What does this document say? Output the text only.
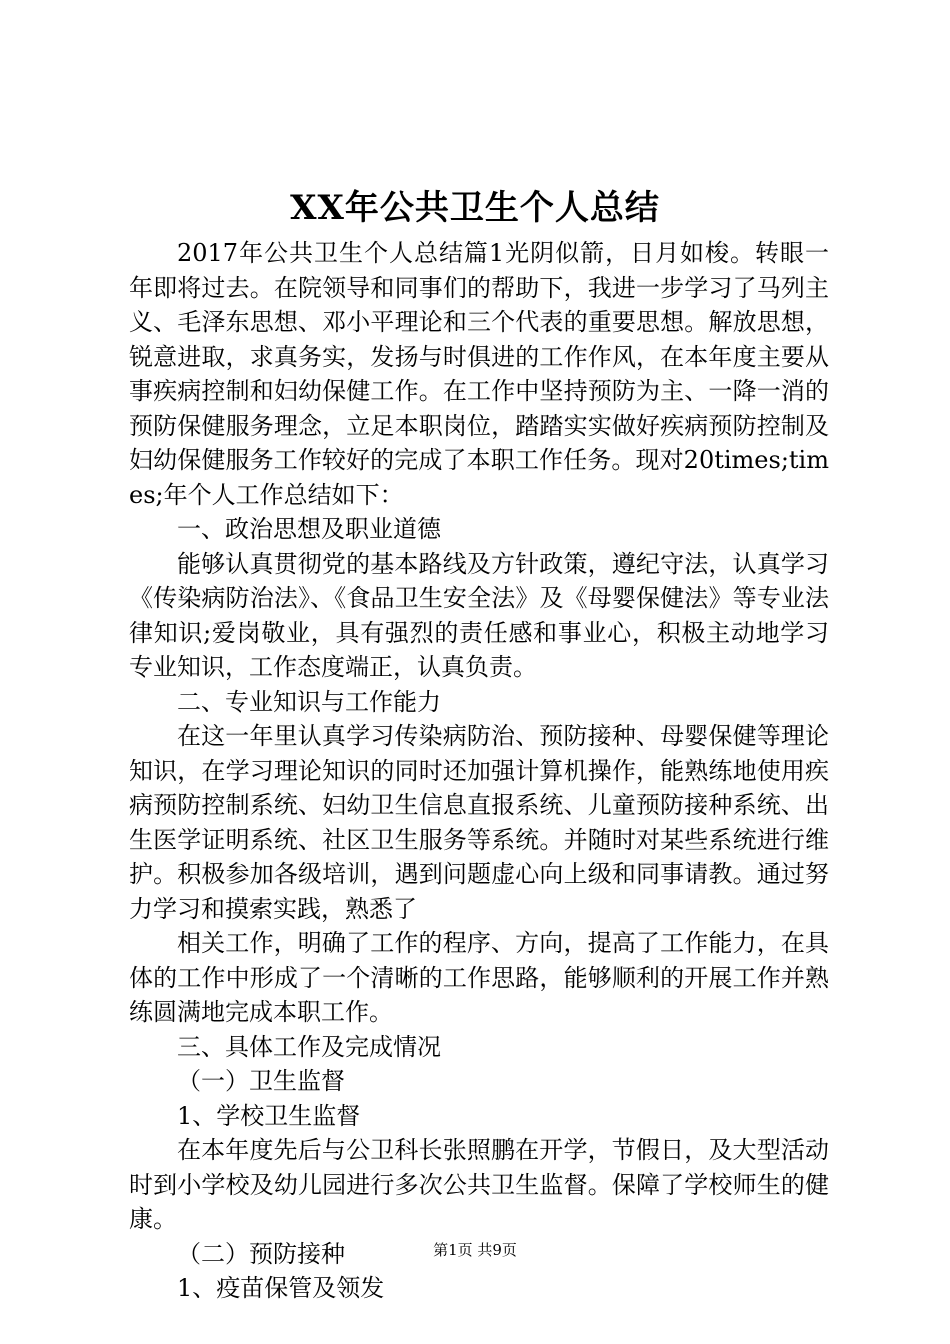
XX年公共卫生个人总结

2017年公共卫生个人总结篇1光阴似箭，日月如梭。转眼一年即将过去。在院领导和同事们的帮助下，我进一步学习了马列主义、毛泽东思想、邓小平理论和三个代表的重要思想。解放思想，锐意进取，求真务实，发扬与时俱进的工作作风，在本年度主要从事疾病控制和妇幼保健工作。在工作中坚持预防为主、一降一消的预防保健服务理念，立足本职岗位，踏踏实实做好疾病预防控制及妇幼保健服务工作较好的完成了本职工作任务。现对20times;times;年个人工作总结如下：

一、政治思想及职业道德

能够认真贯彻党的基本路线及方针政策，遵纪守法，认真学习《传染病防治法》、《食品卫生安全法》及《母婴保健法》等专业法律知识;爱岗敬业，具有强烈的责任感和事业心，积极主动地学习专业知识，工作态度端正，认真负责。

二、专业知识与工作能力

在这一年里认真学习传染病防治、预防接种、母婴保健等理论知识，在学习理论知识的同时还加强计算机操作，能熟练地使用疾病预防控制系统、妇幼卫生信息直报系统、儿童预防接种系统、出生医学证明系统、社区卫生服务等系统。并随时对某些系统进行维护。积极参加各级培训，遇到问题虚心向上级和同事请教。通过努力学习和摸索实践，熟悉了

相关工作，明确了工作的程序、方向，提高了工作能力，在具体的工作中形成了一个清晰的工作思路，能够顺利的开展工作并熟练圆满地完成本职工作。

三、具体工作及完成情况

（一）卫生监督

1、学校卫生监督

在本年度先后与公卫科长张照鹏在开学，节假日，及大型活动时到小学校及幼儿园进行多次公共卫生监督。保障了学校师生的健康。

（二）预防接种

1、疫苗保管及领发

第1页 共9页
